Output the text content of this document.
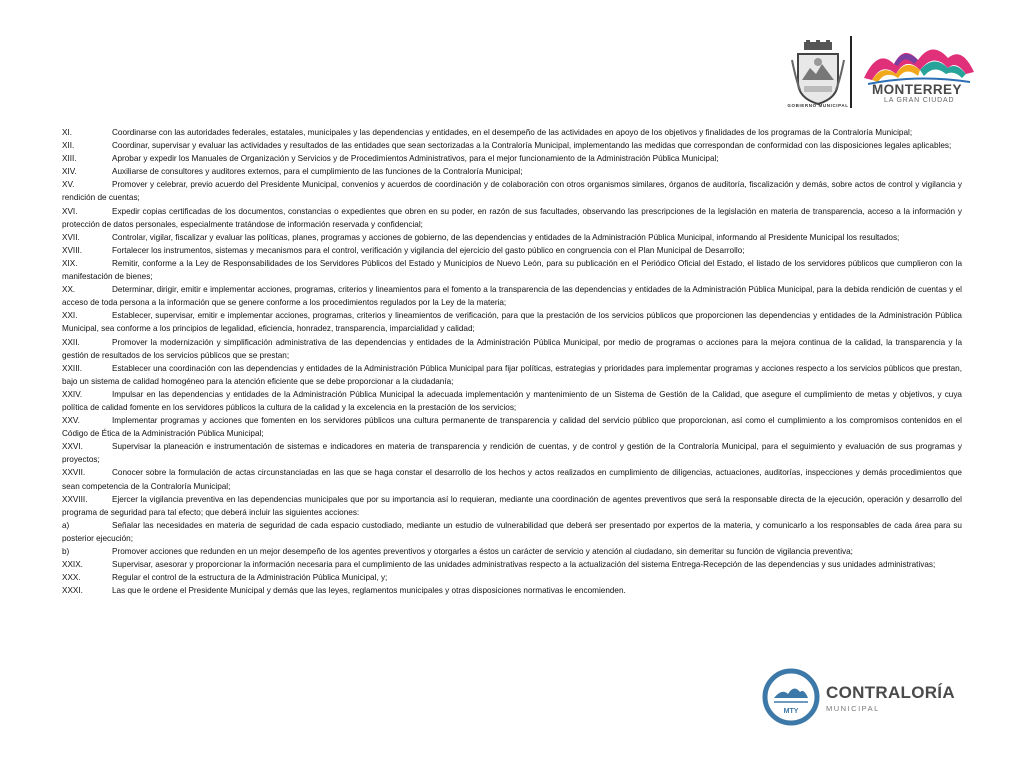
GOBIERNO MUNICIPAL
MONTERREY
LA GRAN CIUDAD
XI.	Coordinarse con las autoridades federales, estatales, municipales y las dependencias y entidades, en el desempeño de las actividades en apoyo de los objetivos y finalidades de los programas de la Contraloría Municipal;
XII.	Coordinar, supervisar y evaluar las actividades y resultados de las entidades que sean sectorizadas a la Contraloría Municipal, implementando las medidas que correspondan de conformidad con las disposiciones legales aplicables;
XIII.	Aprobar y expedir los Manuales de Organización y Servicios y de Procedimientos Administrativos, para el mejor funcionamiento de la Administración Pública Municipal;
XIV.	Auxiliarse de consultores y auditores externos, para el cumplimiento de las funciones de la Contraloría Municipal;
XV.	Promover y celebrar, previo acuerdo del Presidente Municipal, convenios y acuerdos de coordinación y de colaboración con otros organismos similares, órganos de auditoría, fiscalización y demás, sobre actos de control y vigilancia y rendición de cuentas;
XVI.	Expedir copias certificadas de los documentos, constancias o expedientes que obren en su poder, en razón de sus facultades, observando las prescripciones de la legislación en materia de transparencia, acceso a la información y protección de datos personales, especialmente tratándose de información reservada y confidencial;
XVII.	Controlar, vigilar, fiscalizar y evaluar las políticas, planes, programas y acciones de gobierno, de las dependencias y entidades de la Administración Pública Municipal, informando al Presidente Municipal los resultados;
XVIII.	Fortalecer los instrumentos, sistemas y mecanismos para el control, verificación y vigilancia del ejercicio del gasto público en congruencia con el Plan Municipal de Desarrollo;
XIX.	Remitir, conforme a la Ley de Responsabilidades de los Servidores Públicos del Estado y Municipios de Nuevo León, para su publicación en el Periódico Oficial del Estado, el listado de los servidores públicos que cumplieron con la manifestación de bienes;
XX.	Determinar, dirigir, emitir e implementar acciones, programas, criterios y lineamientos para el fomento a la transparencia de las dependencias y entidades de la Administración Pública Municipal, para la debida rendición de cuentas y el acceso de toda persona a la información que se genere conforme a los procedimientos regulados por la Ley de la materia;
XXI.	Establecer, supervisar, emitir e implementar acciones, programas, criterios y lineamientos de verificación, para que la prestación de los servicios públicos que proporcionen las dependencias y entidades de la Administración Pública Municipal, sea conforme a los principios de legalidad, eficiencia, honradez, transparencia, imparcialidad y calidad;
XXII.	Promover la modernización y simplificación administrativa de las dependencias y entidades de la Administración Pública Municipal, por medio de programas o acciones para la mejora continua de la calidad, la transparencia y la gestión de resultados de los servicios públicos que se prestan;
XXIII.	Establecer una coordinación con las dependencias y entidades de la Administración Pública Municipal para fijar políticas, estrategias y prioridades para implementar programas y acciones respecto a los servicios públicos que prestan, bajo un sistema de calidad homogéneo para la atención eficiente que se debe proporcionar a la ciudadanía;
XXIV.	Impulsar en las dependencias y entidades de la Administración Pública Municipal la adecuada implementación y mantenimiento de un Sistema de Gestión de la Calidad, que asegure el cumplimiento de metas y objetivos, y cuya política de calidad fomente en los servidores públicos la cultura de la calidad y la excelencia en la prestación de los servicios;
XXV.	Implementar programas y acciones que fomenten en los servidores públicos una cultura permanente de transparencia y calidad del servicio público que proporcionan, así como el cumplimiento a los compromisos contenidos en el Código de Ética de la Administración Pública Municipal;
XXVI.	Supervisar la planeación e instrumentación de sistemas e indicadores en materia de transparencia y rendición de cuentas, y de control y gestión de la Contraloría Municipal, para el seguimiento y evaluación de sus programas y proyectos;
XXVII.	Conocer sobre la formulación de actas circunstanciadas en las que se haga constar el desarrollo de los hechos y actos realizados en cumplimiento de diligencias, actuaciones, auditorías, inspecciones y demás procedimientos que sean competencia de la Contraloría Municipal;
XXVIII.	Ejercer la vigilancia preventiva en las dependencias municipales que por su importancia así lo requieran, mediante una coordinación de agentes preventivos que será la responsable directa de la ejecución, operación y desarrollo del programa de seguridad para tal efecto; que deberá incluir las siguientes acciones:
a)	Señalar las necesidades en materia de seguridad de cada espacio custodiado, mediante un estudio de vulnerabilidad que deberá ser presentado por expertos de la materia, y comunicarlo a los responsables de cada área para su posterior ejecución;
b)	Promover acciones que redunden en un mejor desempeño de los agentes preventivos y otorgarles a éstos un carácter de servicio y atención al ciudadano, sin demeritar su función de vigilancia preventiva;
XXIX.	Supervisar, asesorar y proporcionar la información necesaria para el cumplimiento de las unidades administrativas respecto a la actualización del sistema Entrega-Recepción de las dependencias y sus unidades administrativas;
XXX.	Regular el control de la estructura de la Administración Pública Municipal, y;
XXXI.	Las que le ordene el Presidente Municipal y demás que las leyes, reglamentos municipales y otras disposiciones normativas le encomienden.
MTY
CONTRALORÍA
MUNICIPAL
